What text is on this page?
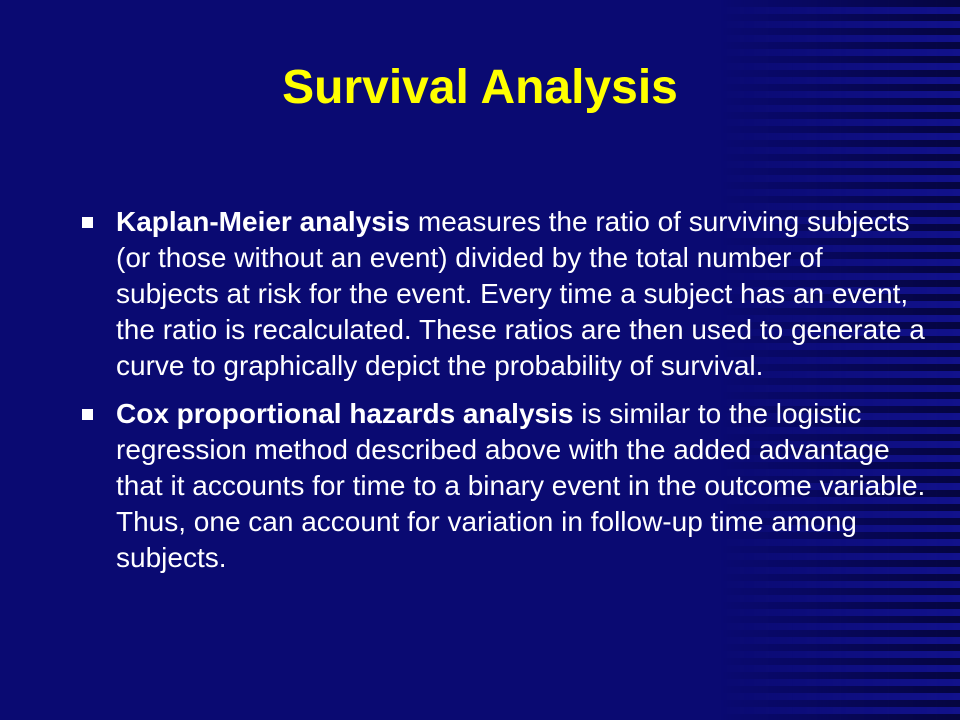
Survival Analysis
Kaplan-Meier analysis measures the ratio of surviving subjects (or those without an event) divided by the total number of subjects at risk for the event. Every time a subject has an event, the ratio is recalculated. These ratios are then used to generate a curve to graphically depict the probability of survival.
Cox proportional hazards analysis is similar to the logistic regression method described above with the added advantage that it accounts for time to a binary event in the outcome variable. Thus, one can account for variation in follow-up time among subjects.
